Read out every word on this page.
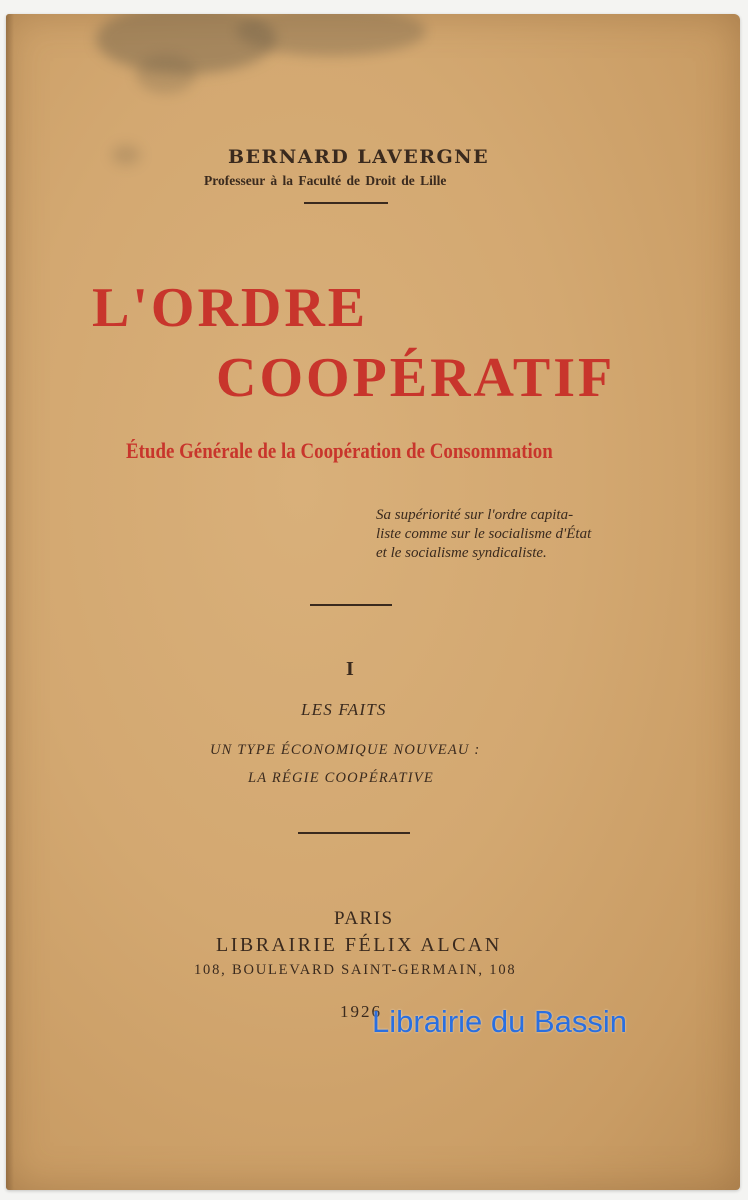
BERNARD LAVERGNE
Professeur à la Faculté de Droit de Lille
L'ORDRE
COOPÉRATIF
Étude Générale de la Coopération de Consommation
Sa supériorité sur l'ordre capita-
liste comme sur le socialisme d'État
et le socialisme syndicaliste.
I
LES FAITS
UN TYPE ÉCONOMIQUE NOUVEAU :
LA RÉGIE COOPÉRATIVE
PARIS
LIBRAIRIE FÉLIX ALCAN
108, BOULEVARD SAINT-GERMAIN, 108
1926
Librairie du Bassin
